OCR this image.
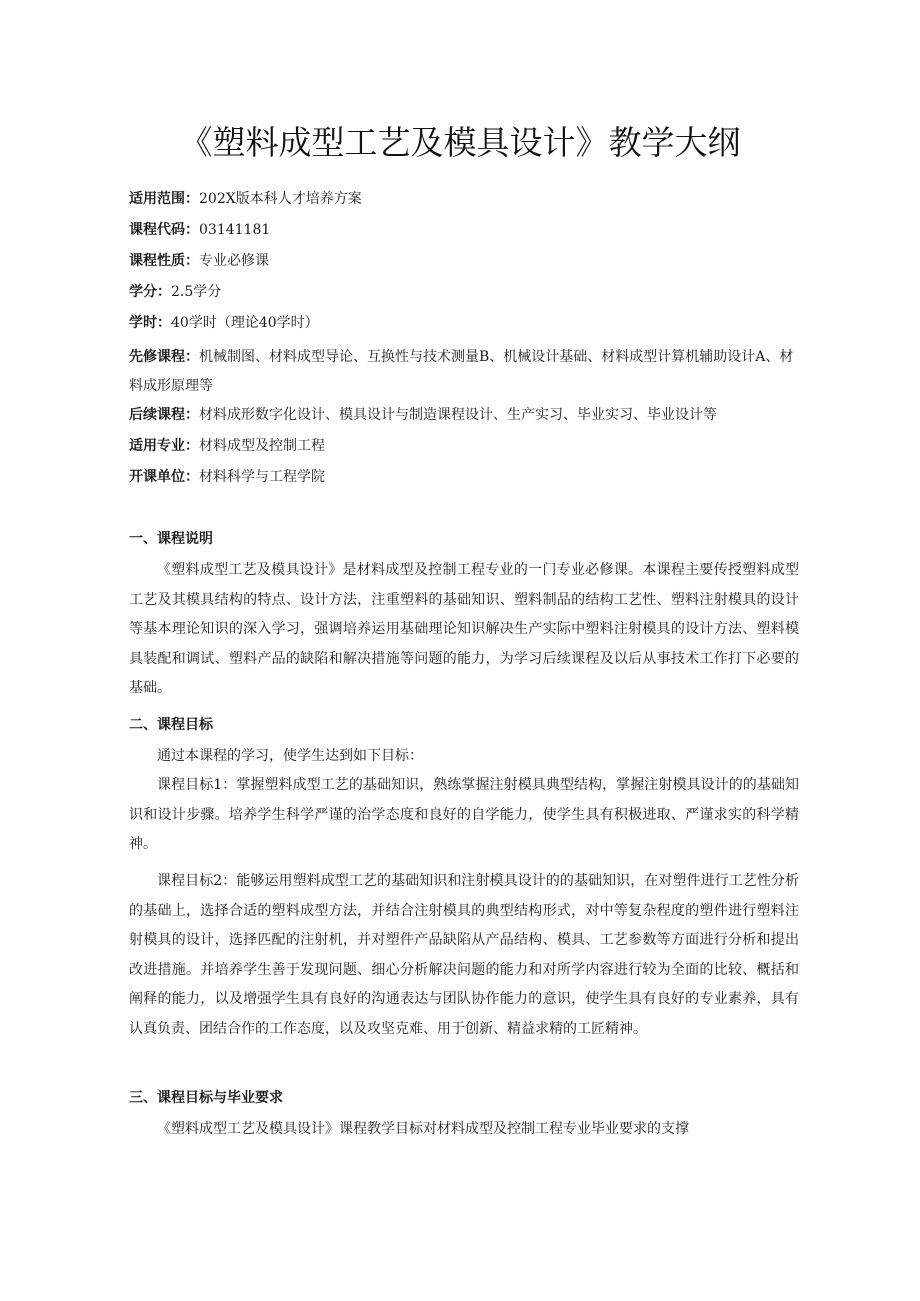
《塑料成型工艺及模具设计》教学大纲
适用范围：202X版本科人才培养方案
课程代码：03141181
课程性质：专业必修课
学分：2.5学分
学时：40学时（理论40学时）
先修课程：机械制图、材料成型导论、互换性与技术测量B、机械设计基础、材料成型计算机辅助设计A、材料成形原理等
后续课程：材料成形数字化设计、模具设计与制造课程设计、生产实习、毕业实习、毕业设计等
适用专业：材料成型及控制工程
开课单位：材料科学与工程学院
一、课程说明
《塑料成型工艺及模具设计》是材料成型及控制工程专业的一门专业必修课。本课程主要传授塑料成型工艺及其模具结构的特点、设计方法，注重塑料的基础知识、塑料制品的结构工艺性、塑料注射模具的设计等基本理论知识的深入学习，强调培养运用基础理论知识解决生产实际中塑料注射模具的设计方法、塑料模具装配和调试、塑料产品的缺陷和解决措施等问题的能力，为学习后续课程及以后从事技术工作打下必要的基础。
二、课程目标
通过本课程的学习，使学生达到如下目标：
课程目标1：掌握塑料成型工艺的基础知识，熟练掌握注射模具典型结构，掌握注射模具设计的的基础知识和设计步骤。培养学生科学严谨的治学态度和良好的自学能力，使学生具有积极进取、严谨求实的科学精神。
课程目标2：能够运用塑料成型工艺的基础知识和注射模具设计的的基础知识，在对塑件进行工艺性分析的基础上，选择合适的塑料成型方法，并结合注射模具的典型结构形式，对中等复杂程度的塑件进行塑料注射模具的设计，选择匹配的注射机，并对塑件产品缺陷从产品结构、模具、工艺参数等方面进行分析和提出改进措施。并培养学生善于发现问题、细心分析解决问题的能力和对所学内容进行较为全面的比较、概括和阐释的能力，以及增强学生具有良好的沟通表达与团队协作能力的意识，使学生具有良好的专业素养，具有认真负责、团结合作的工作态度，以及攻坚克难、用于创新、精益求精的工匠精神。
三、课程目标与毕业要求
《塑料成型工艺及模具设计》课程教学目标对材料成型及控制工程专业毕业要求的支撑
